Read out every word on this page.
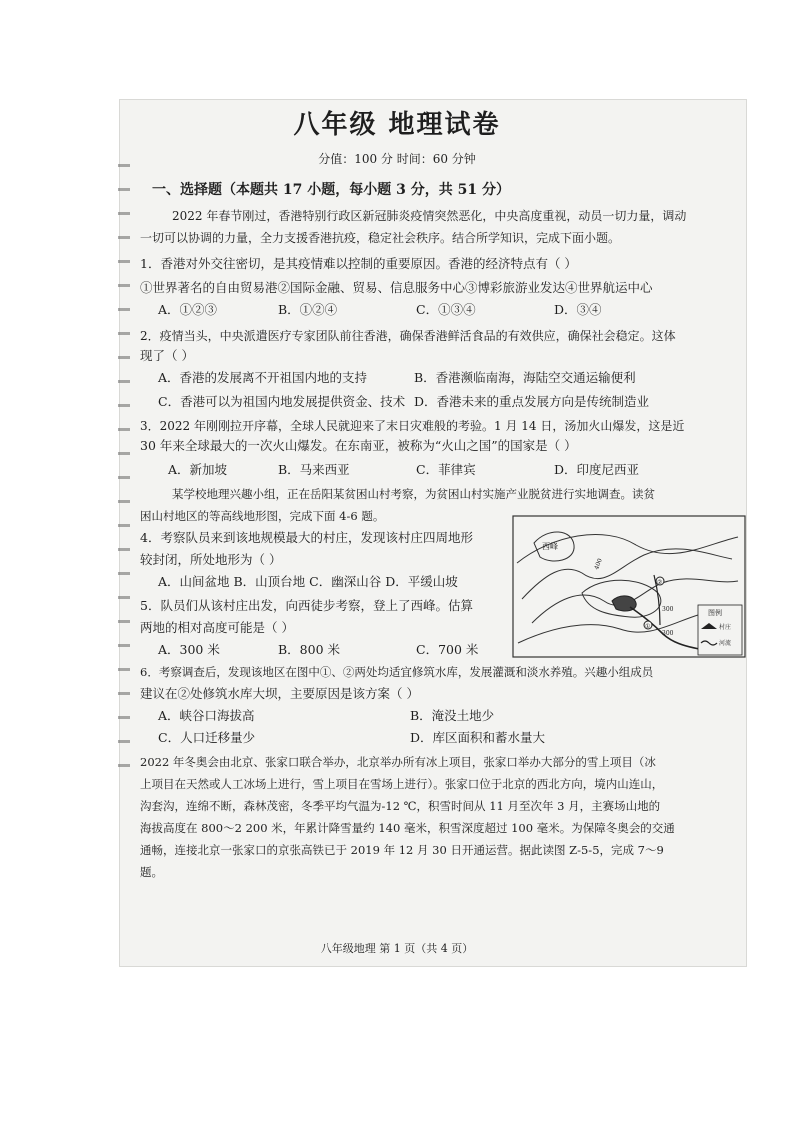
八年级 地理试卷
分值：100 分 时间：60 分钟
一、选择题（本题共 17 小题，每小题 3 分，共 51 分）
2022 年春节刚过，香港特别行政区新冠肺炎疫情突然恶化，中央高度重视，动员一切力量，调动
一切可以协调的力量，全力支援香港抗疫，稳定社会秩序。结合所学知识，完成下面小题。
1．香港对外交往密切，是其疫情难以控制的重要原因。香港的经济特点有（ ）
①世界著名的自由贸易港②国际金融、贸易、信息服务中心③博彩旅游业发达④世界航运中心
A．①②③	B．①②④	C．①③④	D．③④
2．疫情当头，中央派遣医疗专家团队前往香港，确保香港鲜活食品的有效供应，确保社会稳定。这体
现了（ ）
A．香港的发展离不开祖国内地的支持	B．香港濒临南海，海陆空交通运输便利
C．香港可以为祖国内地发展提供资金、技术 D．香港未来的重点发展方向是传统制造业
3．2022 年刚刚拉开序幕，全球人民就迎来了末日灾难般的考验。1 月 14 日，汤加火山爆发，这是近
30 年来全球最大的一次火山爆发。在东南亚，被称为“火山之国”的国家是（ ）
A．新加坡	B．马来西亚	C．菲律宾	D．印度尼西亚
某学校地理兴趣小组，正在岳阳某贫困山村考察，为贫困山村实施产业脱贫进行实地调查。读贫
困山村地区的等高线地形图，完成下面 4-6 题。
4．考察队员来到该地规模最大的村庄，发现该村庄四周地形
较封闭，所处地形为（ ）
A．山间盆地 B．山顶台地 C．幽深山谷 D．平缓山坡
5．队员们从该村庄出发，向西徒步考察，登上了西峰。估算
两地的相对高度可能是（ ）
A．300 米	B．800 米	C．700 米
西峰
400
300
300
①
②
图例
村庄
河流
6．考察调查后，发现该地区在图中①、②两处均适宜修筑水库，发展灌溉和淡水养殖。兴趣小组成员
建议在②处修筑水库大坝，主要原因是该方案（ ）
A．峡谷口海拔高	B．淹没土地少
C．人口迁移量少	D．库区面积和蓄水量大
2022 年冬奥会由北京、张家口联合举办，北京举办所有冰上项目，张家口举办大部分的雪上项目（冰
上项目在天然或人工冰场上进行，雪上项目在雪场上进行）。张家口位于北京的西北方向，境内山连山，
沟套沟，连绵不断，森林茂密，冬季平均气温为-12 ℃，积雪时间从 11 月至次年 3 月，主赛场山地的
海拔高度在 800～2 200 米，年累计降雪量约 140 毫米，积雪深度超过 100 毫米。为保障冬奥会的交通
通畅，连接北京一张家口的京张高铁已于 2019 年 12 月 30 日开通运营。据此读图 Z-5-5，完成 7～9
题。
八年级地理 第 1 页（共 4 页）
